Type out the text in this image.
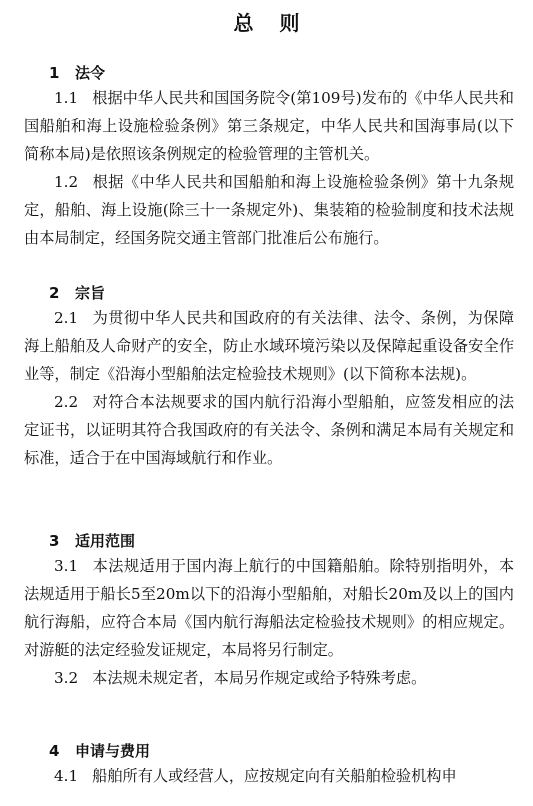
总则
1 法令

1.1 根据中华人民共和国国务院令(第109号)发布的《中华人民共和国船舶和海上设施检验条例》第三条规定，中华人民共和国海事局(以下简称本局)是依照该条例规定的检验管理的主管机关。

1.2 根据《中华人民共和国船舶和海上设施检验条例》第十九条规定，船舶、海上设施(除三十一条规定外)、集装箱的检验制度和技术法规由本局制定，经国务院交通主管部门批准后公布施行。

2 宗旨

2.1 为贯彻中华人民共和国政府的有关法律、法令、条例，为保障海上船舶及人命财产的安全，防止水域环境污染以及保障起重设备安全作业等，制定《沿海小型船舶法定检验技术规则》(以下简称本法规)。

2.2 对符合本法规要求的国内航行沿海小型船舶，应签发相应的法定证书，以证明其符合我国政府的有关法令、条例和满足本局有关规定和标准，适合于在中国海域航行和作业。

3 适用范围

3.1 本法规适用于国内海上航行的中国籍船舶。除特别指明外，本法规适用于船长5至20m以下的沿海小型船舶，对船长20m及以上的国内航行海船，应符合本局《国内航行海船法定检验技术规则》的相应规定。对游艇的法定经验发证规定，本局将另行制定。

3.2 本法规未规定者，本局另作规定或给予特殊考虑。

4 申请与费用

4.1 船舶所有人或经营人，应按规定向有关船舶检验机构申
